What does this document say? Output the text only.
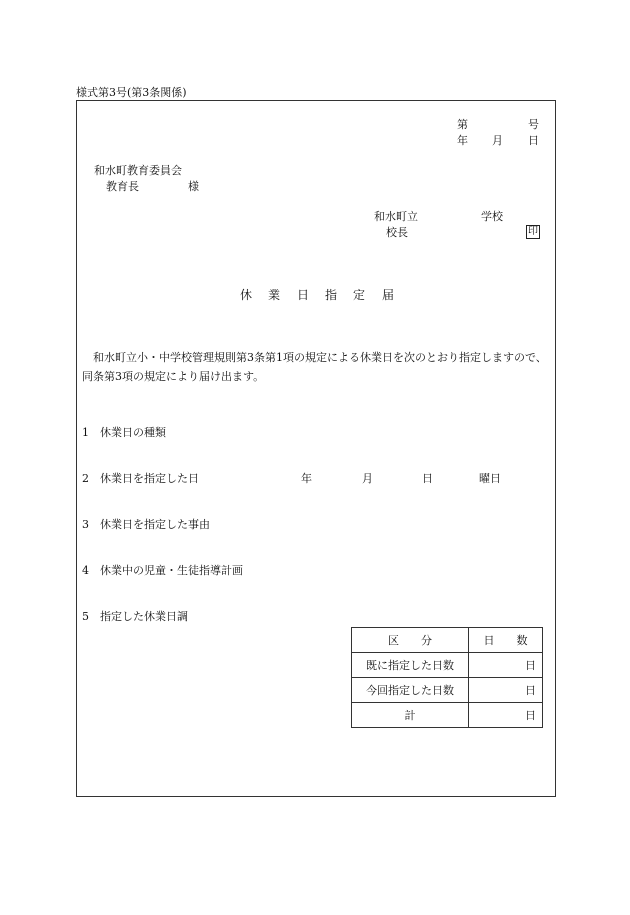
様式第3号(第3条関係)
第	号
年 月 日
和水町教育委員会
教育長	様
和水町立	学校
校長	印
休 業 日 指 定 届
和水町立小・中学校管理規則第3条第1項の規定による休業日を次のとおり指定しますので、同条第3項の規定により届け出ます。
1 休業日の種類
2 休業日を指定した日	年	月	日	曜日
3 休業日を指定した事由
4 休業中の児童・生徒指導計画
5 指定した休業日調
区　　分	日　　数
既に指定した日数	日
今回指定した日数	日
計	日
